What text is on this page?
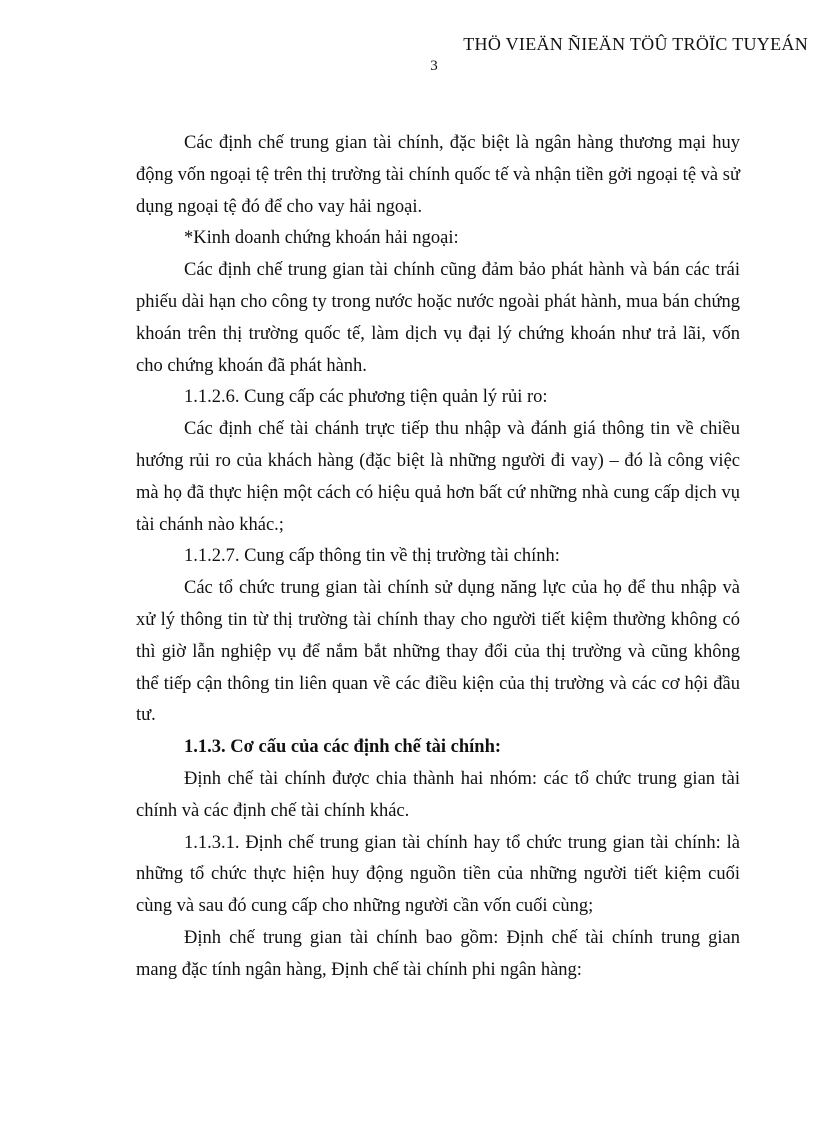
THÖ VIEÄN ÑIEÄN TÖÛ TRÖÏC TUYEÁN
3

Các định chế trung gian tài chính, đặc biệt là ngân hàng thương mại huy động vốn ngoại tệ trên thị trường tài chính quốc tế và nhận tiền gởi ngoại tệ và sử dụng ngoại tệ đó để cho vay hải ngoại.

*Kinh doanh chứng khoán hải ngoại:

Các định chế trung gian tài chính cũng đảm bảo phát hành và bán các trái phiếu dài hạn cho công ty trong nước hoặc nước ngoài phát hành, mua bán chứng khoán trên thị trường quốc tế, làm dịch vụ đại lý chứng khoán như trả lãi, vốn cho chứng khoán đã phát hành.

1.1.2.6. Cung cấp các phương tiện quản lý rủi ro:

Các định chế tài chánh trực tiếp thu nhập và đánh giá thông tin về chiều hướng rủi ro của khách hàng (đặc biệt là những người đi vay) – đó là công việc mà họ đã thực hiện một cách có hiệu quả hơn bất cứ những nhà cung cấp dịch vụ tài chánh nào khác.;

1.1.2.7. Cung cấp thông tin về thị trường tài chính:

Các tổ chức trung gian tài chính sử dụng năng lực của họ để thu nhập và xử lý thông tin từ thị trường tài chính thay cho người tiết kiệm thường không có thì giờ lẫn nghiệp vụ để nắm bắt những thay đổi của thị trường và cũng không thể tiếp cận thông tin liên quan về các điều kiện của thị trường và các cơ hội đầu tư.

1.1.3. Cơ cấu của các định chế tài chính:

Định chế tài chính được chia thành hai nhóm: các tổ chức trung gian tài chính và các định chế tài chính khác.

1.1.3.1. Định chế trung gian tài chính hay tổ chức trung gian tài chính: là những tổ chức thực hiện huy động nguồn tiền của những người tiết kiệm cuối cùng và sau đó cung cấp cho những người cần vốn cuối cùng;

Định chế trung gian tài chính bao gồm: Định chế tài chính trung gian mang đặc tính ngân hàng, Định chế tài chính phi ngân hàng:
